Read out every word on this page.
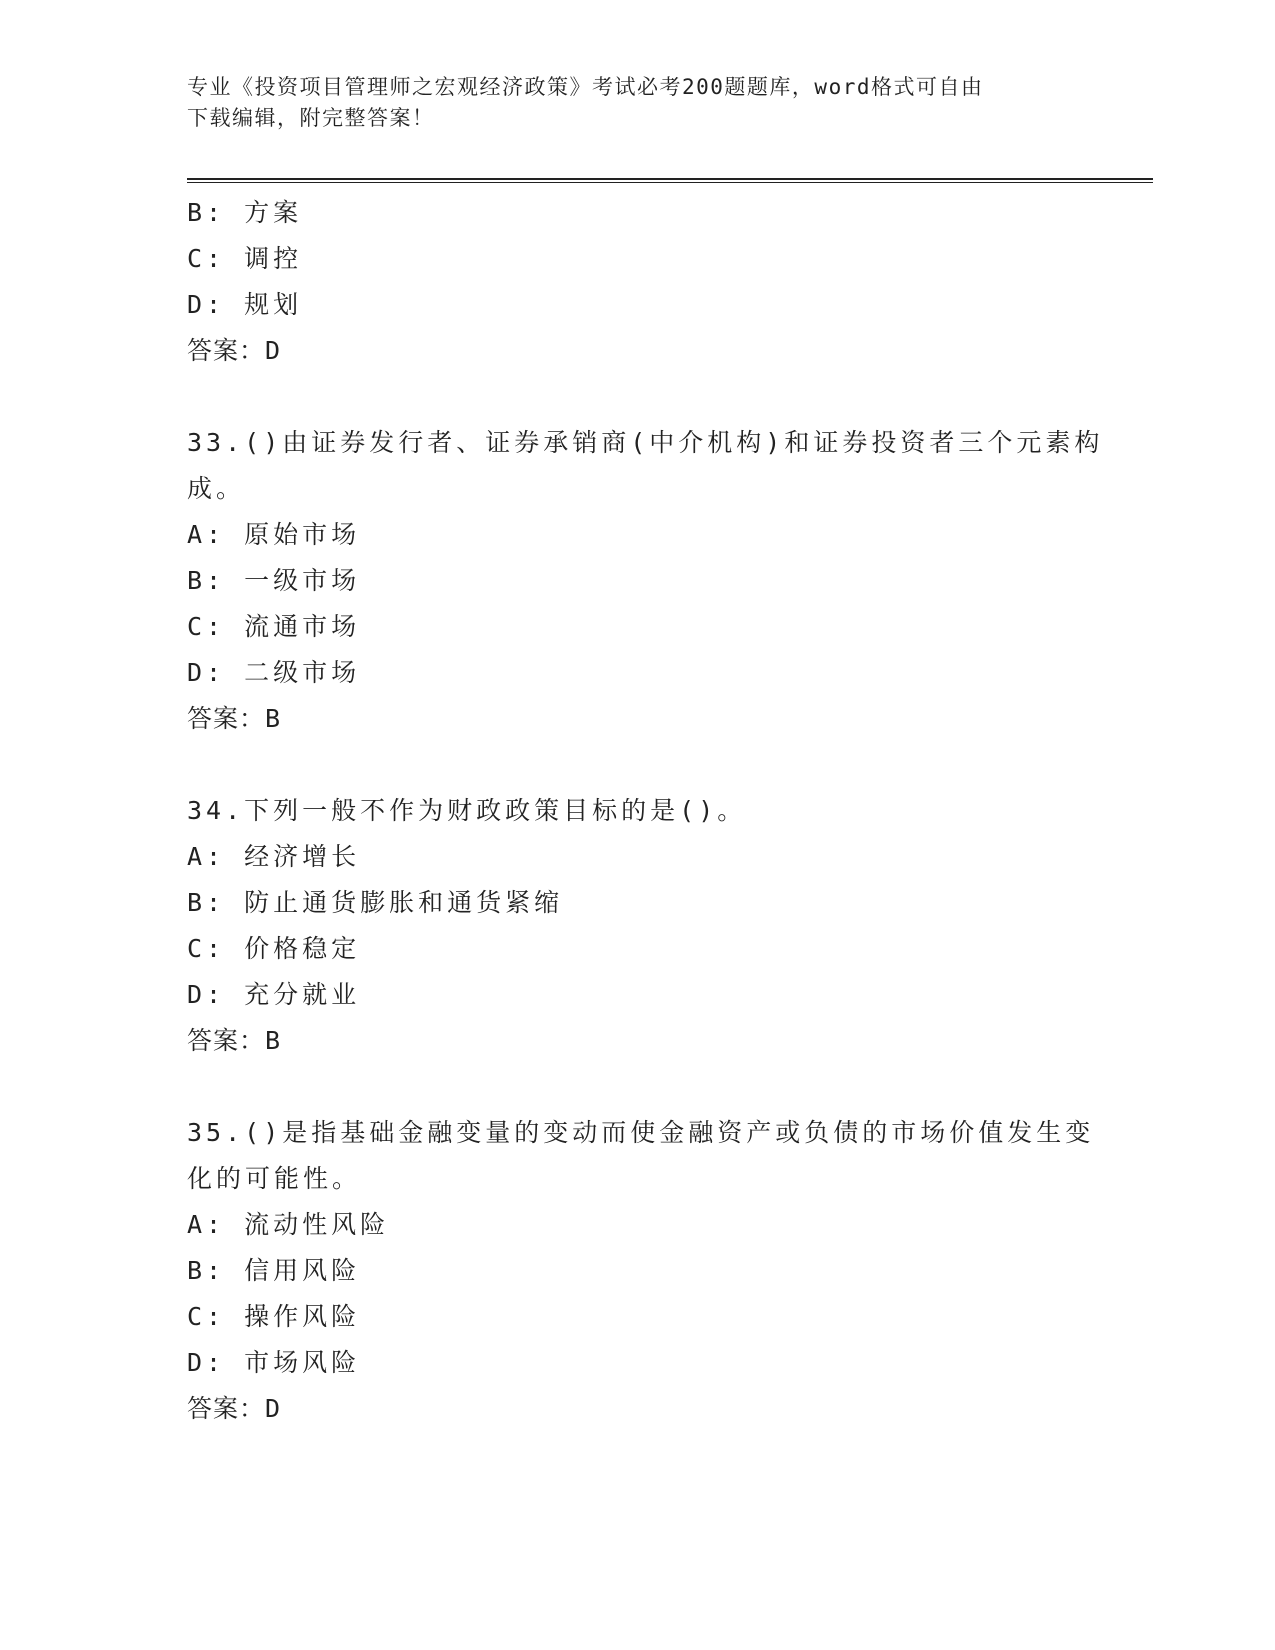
专业《投资项目管理师之宏观经济政策》考试必考200题题库，word格式可自由
下载编辑，附完整答案！
B: 方案
C: 调控
D: 规划
答案：D
33.()由证券发行者、证券承销商(中介机构)和证券投资者三个元素构
成。
A: 原始市场
B: 一级市场
C: 流通市场
D: 二级市场
答案：B
34.下列一般不作为财政政策目标的是()。
A: 经济增长
B: 防止通货膨胀和通货紧缩
C: 价格稳定
D: 充分就业
答案：B
35.()是指基础金融变量的变动而使金融资产或负债的市场价值发生变
化的可能性。
A: 流动性风险
B: 信用风险
C: 操作风险
D: 市场风险
答案：D
